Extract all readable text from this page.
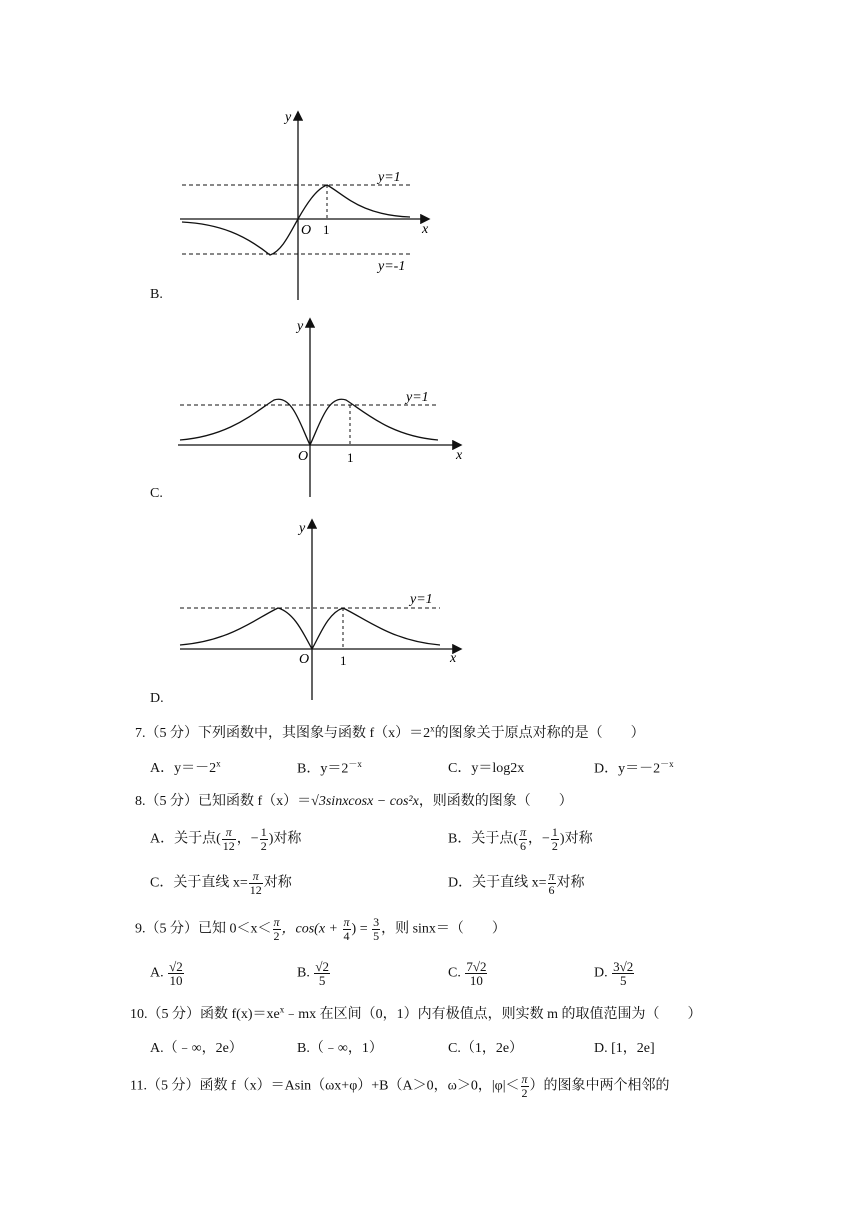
y
x
O 1
y=1
y=-1
B.
y
x
O	1
y=1
C.
y
x
O 1
y=1
D.
7.（5 分）下列函数中，其图象与函数 $f(x)=2^x$的图象关于原点对称的是（　　）
A．$y=-2^x$	B．$y=2^{-x}$	C．y＝log2x	D．$y=-2^{-x}$
8.（5 分）已知函数 f（x）＝√3sinxcosx − cos²x，则函数的图象（　　）
A．关于点( $\frac{\pi}{12}$ ，− $\frac{1}{2}$ )对称	B．关于点( $\frac{\pi}{6}$ ，− $\frac{1}{2}$ )对称
C．关于直线 $x= \frac{\pi}{12}$ 对称	D．关于直线 $x= \frac{\pi}{6}$ 对称
9.（5 分）已知 $0<x< \frac{\pi}{2}$ ，$\cos(x + \frac{\pi}{4}$ ) = $\frac{3}{5}$ ，则 sinx＝（　　）
A. $\frac{√2}{10}$	B. $\frac{√2}{5}$	C. $\frac{7√2}{10}$	D. $\frac{3√2}{5}$
10.（5 分）函数 $f(x)=xe^x﹣mx$ 在区间（0，1）内有极值点，则实数 m 的取值范围为（　　）
A.（﹣∞，2e）	B.（﹣∞，1）	C.（1，2e）	D. [1，2e]
11.（5 分）函数 f（x）＝Asin（ωx+φ）+B（A＞0，ω＞0，$|\varphi|< \frac{\pi}{2}$ ）的图象中两个相邻的
